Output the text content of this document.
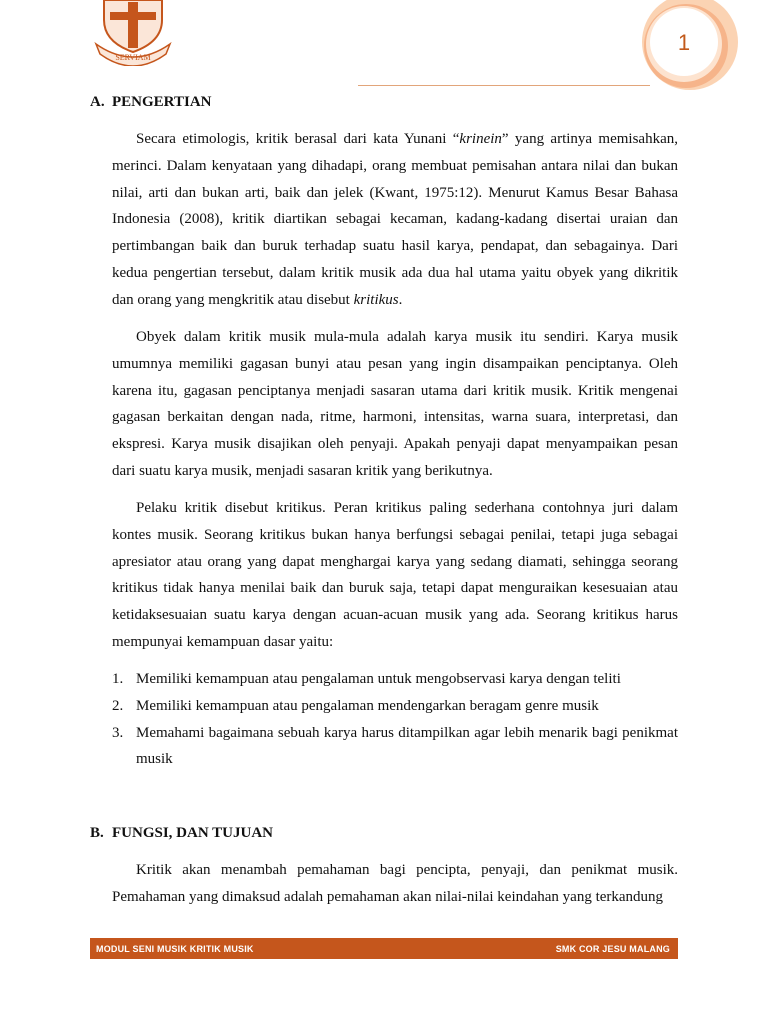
SERVIAM
1
A. PENGERTIAN

Secara etimologis, kritik berasal dari kata Yunani “krinein” yang artinya memisahkan, merinci. Dalam kenyataan yang dihadapi, orang membuat pemisahan antara nilai dan bukan nilai, arti dan bukan arti, baik dan jelek (Kwant, 1975:12). Menurut Kamus Besar Bahasa Indonesia (2008), kritik diartikan sebagai kecaman, kadang-kadang disertai uraian dan pertimbangan baik dan buruk terhadap suatu hasil karya, pendapat, dan sebagainya. Dari kedua pengertian tersebut, dalam kritik musik ada dua hal utama yaitu obyek yang dikritik dan orang yang mengkritik atau disebut kritikus.

Obyek dalam kritik musik mula-mula adalah karya musik itu sendiri. Karya musik umumnya memiliki gagasan bunyi atau pesan yang ingin disampaikan penciptanya. Oleh karena itu, gagasan penciptanya menjadi sasaran utama dari kritik musik. Kritik mengenai gagasan berkaitan dengan nada, ritme, harmoni, intensitas, warna suara, interpretasi, dan ekspresi. Karya musik disajikan oleh penyaji. Apakah penyaji dapat menyampaikan pesan dari suatu karya musik, menjadi sasaran kritik yang berikutnya.

Pelaku kritik disebut kritikus. Peran kritikus paling sederhana contohnya juri dalam kontes musik. Seorang kritikus bukan hanya berfungsi sebagai penilai, tetapi juga sebagai apresiator atau orang yang dapat menghargai karya yang sedang diamati, sehingga seorang kritikus tidak hanya menilai baik dan buruk saja, tetapi dapat menguraikan kesesuaian atau ketidaksesuaian suatu karya dengan acuan-acuan musik yang ada. Seorang kritikus harus mempunyai kemampuan dasar yaitu:

1. Memiliki kemampuan atau pengalaman untuk mengobservasi karya dengan teliti
2. Memiliki kemampuan atau pengalaman mendengarkan beragam genre musik
3. Memahami bagaimana sebuah karya harus ditampilkan agar lebih menarik bagi penikmat musik
B. FUNGSI, DAN TUJUAN

Kritik akan menambah pemahaman bagi pencipta, penyaji, dan penikmat musik. Pemahaman yang dimaksud adalah pemahaman akan nilai-nilai keindahan yang terkandung

MODUL SENI MUSIK KRITIK MUSIK	SMK COR JESU MALANG
